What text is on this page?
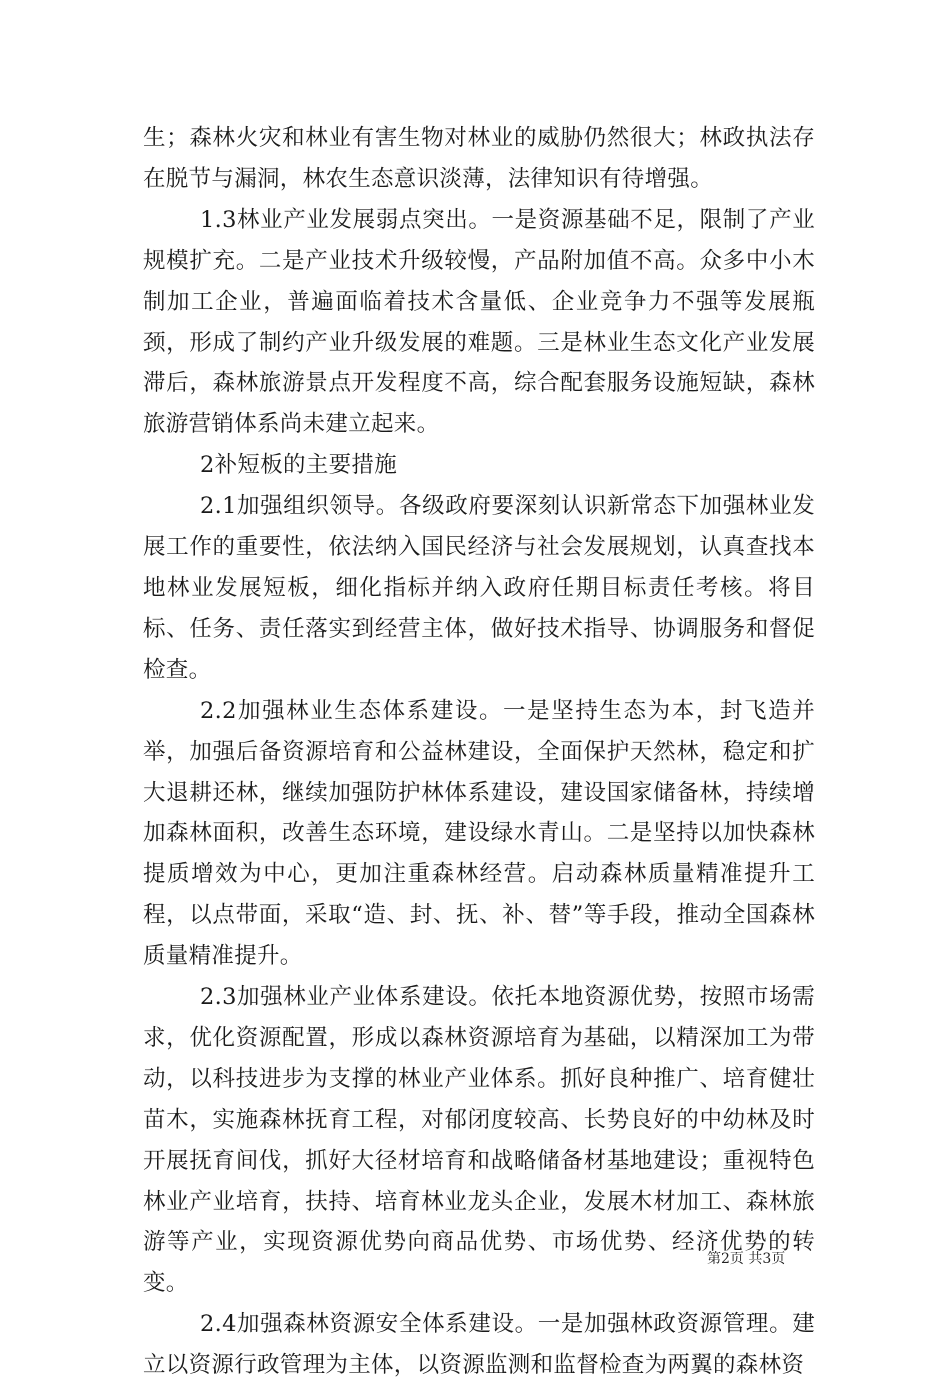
生；森林火灾和林业有害生物对林业的威胁仍然很大；林政执法存在脱节与漏洞，林农生态意识淡薄，法律知识有待增强。

1.3林业产业发展弱点突出。一是资源基础不足，限制了产业规模扩充。二是产业技术升级较慢，产品附加值不高。众多中小木制加工企业，普遍面临着技术含量低、企业竞争力不强等发展瓶颈，形成了制约产业升级发展的难题。三是林业生态文化产业发展滞后，森林旅游景点开发程度不高，综合配套服务设施短缺，森林旅游营销体系尚未建立起来。

2补短板的主要措施

2.1加强组织领导。各级政府要深刻认识新常态下加强林业发展工作的重要性，依法纳入国民经济与社会发展规划，认真查找本地林业发展短板，细化指标并纳入政府任期目标责任考核。将目标、任务、责任落实到经营主体，做好技术指导、协调服务和督促检查。

2.2加强林业生态体系建设。一是坚持生态为本，封飞造并举，加强后备资源培育和公益林建设，全面保护天然林，稳定和扩大退耕还林，继续加强防护林体系建设，建设国家储备林，持续增加森林面积，改善生态环境，建设绿水青山。二是坚持以加快森林提质增效为中心，更加注重森林经营。启动森林质量精准提升工程，以点带面，采取“造、封、抚、补、替”等手段，推动全国森林质量精准提升。

2.3加强林业产业体系建设。依托本地资源优势，按照市场需求，优化资源配置，形成以森林资源培育为基础，以精深加工为带动，以科技进步为支撑的林业产业体系。抓好良种推广、培育健壮苗木，实施森林抚育工程，对郁闭度较高、长势良好的中幼林及时开展抚育间伐，抓好大径材培育和战略储备材基地建设；重视特色林业产业培育，扶持、培育林业龙头企业，发展木材加工、森林旅游等产业，实现资源优势向商品优势、市场优势、经济优势的转变。

2.4加强森林资源安全体系建设。一是加强林政资源管理。建立以资源行政管理为主体，以资源监测和监督检查为两翼的森林资

第2页 共3页
